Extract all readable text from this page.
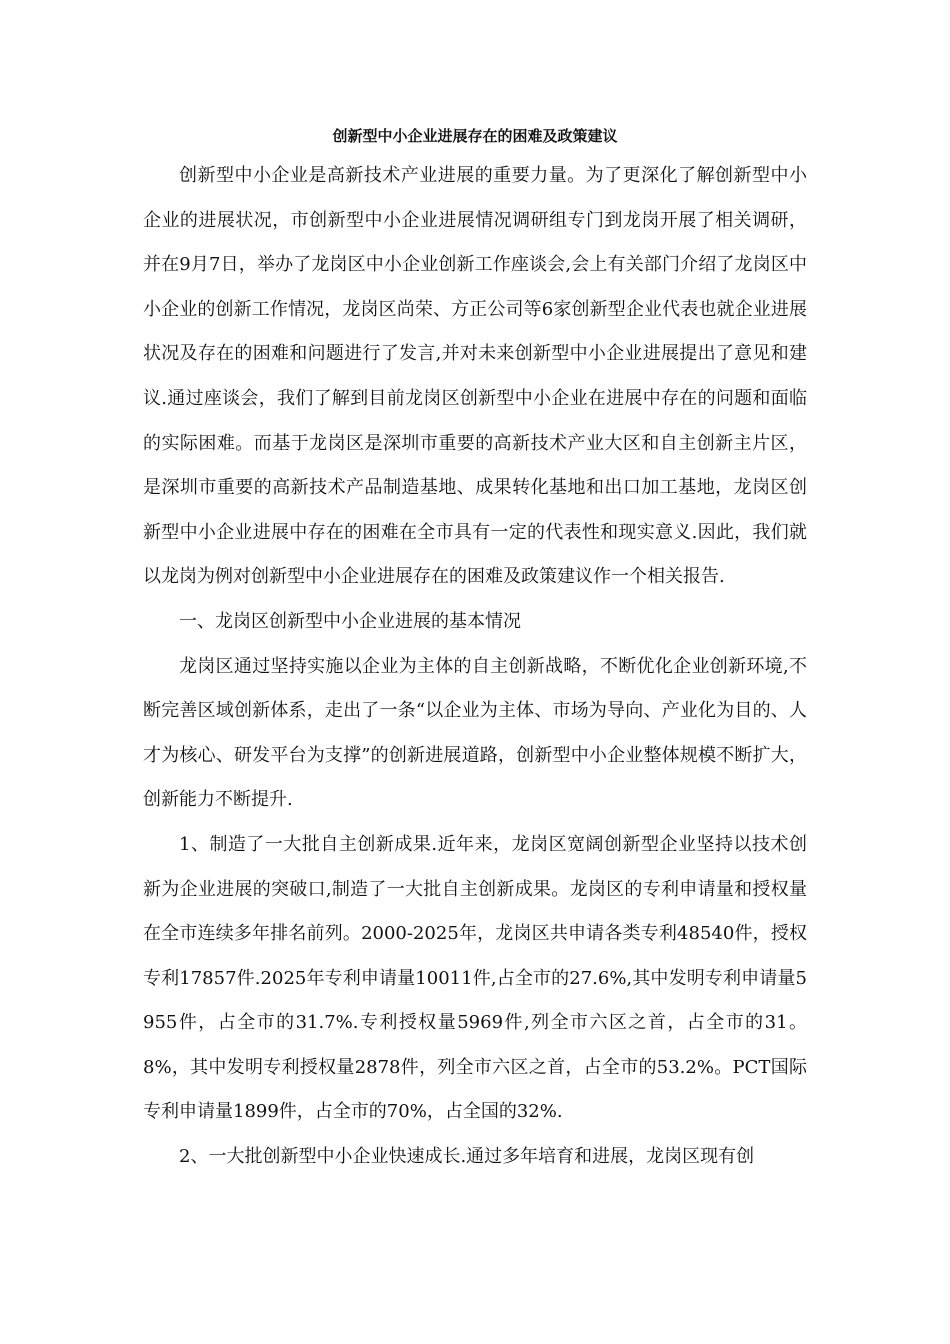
创新型中小企业进展存在的困难及政策建议

创新型中小企业是高新技术产业进展的重要力量。为了更深化了解创新型中小企业的进展状况，市创新型中小企业进展情况调研组专门到龙岗开展了相关调研，并在9月7日，举办了龙岗区中小企业创新工作座谈会,会上有关部门介绍了龙岗区中小企业的创新工作情况，龙岗区尚荣、方正公司等6家创新型企业代表也就企业进展状况及存在的困难和问题进行了发言,并对未来创新型中小企业进展提出了意见和建议.通过座谈会，我们了解到目前龙岗区创新型中小企业在进展中存在的问题和面临的实际困难。而基于龙岗区是深圳市重要的高新技术产业大区和自主创新主片区，是深圳市重要的高新技术产品制造基地、成果转化基地和出口加工基地，龙岗区创新型中小企业进展中存在的困难在全市具有一定的代表性和现实意义.因此，我们就以龙岗为例对创新型中小企业进展存在的困难及政策建议作一个相关报告.

一、龙岗区创新型中小企业进展的基本情况

龙岗区通过坚持实施以企业为主体的自主创新战略，不断优化企业创新环境,不断完善区域创新体系，走出了一条“以企业为主体、市场为导向、产业化为目的、人才为核心、研发平台为支撑”的创新进展道路，创新型中小企业整体规模不断扩大，创新能力不断提升.

1、制造了一大批自主创新成果.近年来，龙岗区宽阔创新型企业坚持以技术创新为企业进展的突破口,制造了一大批自主创新成果。龙岗区的专利申请量和授权量在全市连续多年排名前列。2000-2025年，龙岗区共申请各类专利48540件，授权专利17857件.2025年专利申请量10011件,占全市的27.6%,其中发明专利申请量5955件，占全市的31.7%.专利授权量5969件,列全市六区之首，占全市的31。8%，其中发明专利授权量2878件，列全市六区之首，占全市的53.2%。PCT国际专利申请量1899件，占全市的70%，占全国的32%.

2、一大批创新型中小企业快速成长.通过多年培育和进展，龙岗区现有创
